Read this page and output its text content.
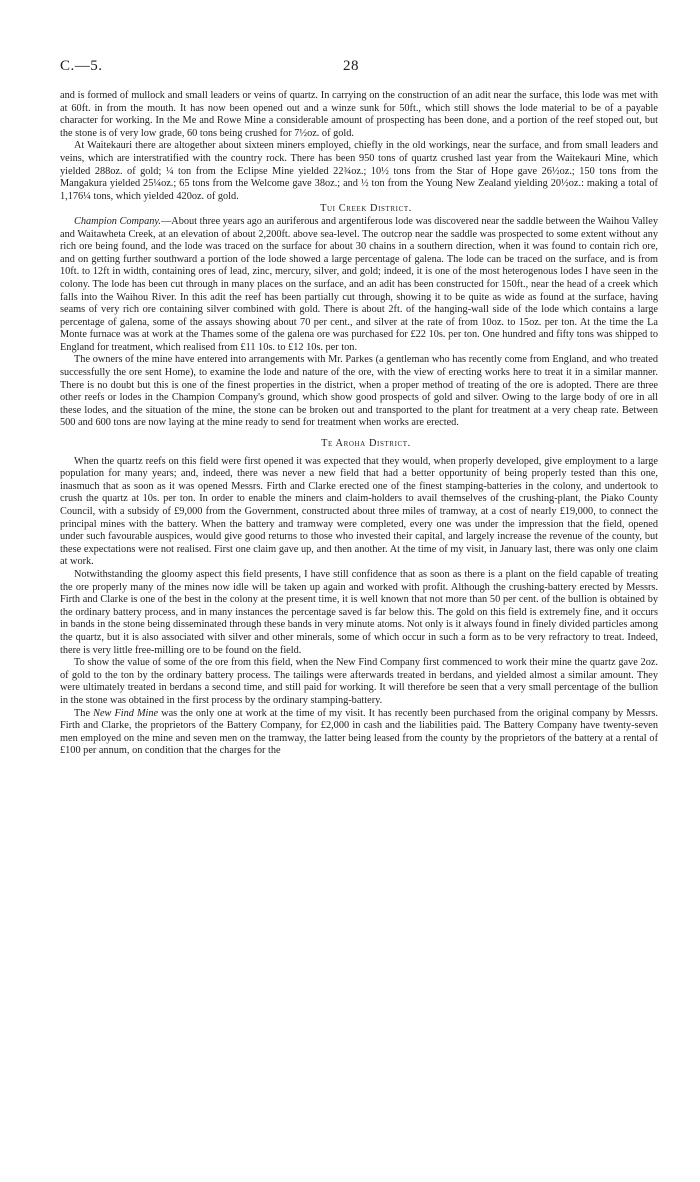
C.—5.	28

and is formed of mullock and small leaders or veins of quartz. In carrying on the construction of an adit near the surface, this lode was met with at 60ft. in from the mouth. It has now been opened out and a winze sunk for 50ft., which still shows the lode material to be of a payable character for working. In the Me and Rowe Mine a considerable amount of prospecting has been done, and a portion of the reef stoped out, but the stone is of very low grade, 60 tons being crushed for 7½oz. of gold.

At Waitekauri there are altogether about sixteen miners employed, chiefly in the old workings, near the surface, and from small leaders and veins, which are interstratified with the country rock. There has been 950 tons of quartz crushed last year from the Waitekauri Mine, which yielded 288oz. of gold; ¼ ton from the Eclipse Mine yielded 22¾oz.; 10½ tons from the Star of Hope gave 26½oz.; 150 tons from the Mangakura yielded 25¼oz.; 65 tons from the Welcome gave 38oz.; and ½ ton from the Young New Zealand yielding 20½oz.: making a total of 1,176¼ tons, which yielded 420oz. of gold.

Tui Creek District.

Champion Company.—About three years ago an auriferous and argentiferous lode was discovered near the saddle between the Waihou Valley and Waitawheta Creek, at an elevation of about 2,200ft. above sea-level. The outcrop near the saddle was prospected to some extent without any rich ore being found, and the lode was traced on the surface for about 30 chains in a southern direction, when it was found to contain rich ore, and on getting further southward a portion of the lode showed a large percentage of galena. The lode can be traced on the surface, and is from 10ft. to 12ft in width, containing ores of lead, zinc, mercury, silver, and gold; indeed, it is one of the most heterogenous lodes I have seen in the colony. The lode has been cut through in many places on the surface, and an adit has been constructed for 150ft., near the head of a creek which falls into the Waihou River. In this adit the reef has been partially cut through, showing it to be quite as wide as found at the surface, having seams of very rich ore containing silver combined with gold. There is about 2ft. of the hanging-wall side of the lode which contains a large percentage of galena, some of the assays showing about 70 per cent., and silver at the rate of from 10oz. to 15oz. per ton. At the time the La Monte furnace was at work at the Thames some of the galena ore was purchased for £22 10s. per ton. One hundred and fifty tons was shipped to England for treatment, which realised from £11 10s. to £12 10s. per ton.

The owners of the mine have entered into arrangements with Mr. Parkes (a gentleman who has recently come from England, and who treated successfully the ore sent Home), to examine the lode and nature of the ore, with the view of erecting works here to treat it in a similar manner. There is no doubt but this is one of the finest properties in the district, when a proper method of treating of the ore is adopted. There are three other reefs or lodes in the Champion Company's ground, which show good prospects of gold and silver. Owing to the large body of ore in all these lodes, and the situation of the mine, the stone can be broken out and transported to the plant for treatment at a very cheap rate. Between 500 and 600 tons are now laying at the mine ready to send for treatment when works are erected.

Te Aroha District.

When the quartz reefs on this field were first opened it was expected that they would, when properly developed, give employment to a large population for many years; and, indeed, there was never a new field that had a better opportunity of being properly tested than this one, inasmuch that as soon as it was opened Messrs. Firth and Clarke erected one of the finest stamping-batteries in the colony, and undertook to crush the quartz at 10s. per ton. In order to enable the miners and claim-holders to avail themselves of the crushing-plant, the Piako County Council, with a subsidy of £9,000 from the Government, constructed about three miles of tramway, at a cost of nearly £19,000, to connect the principal mines with the battery. When the battery and tramway were completed, every one was under the impression that the field, opened under such favourable auspices, would give good returns to those who invested their capital, and largely increase the revenue of the county, but these expectations were not realised. First one claim gave up, and then another. At the time of my visit, in January last, there was only one claim at work.

Notwithstanding the gloomy aspect this field presents, I have still confidence that as soon as there is a plant on the field capable of treating the ore properly many of the mines now idle will be taken up again and worked with profit. Although the crushing-battery erected by Messrs. Firth and Clarke is one of the best in the colony at the present time, it is well known that not more than 50 per cent. of the bullion is obtained by the ordinary battery process, and in many instances the percentage saved is far below this. The gold on this field is extremely fine, and it occurs in bands in the stone being disseminated through these bands in very minute atoms. Not only is it always found in finely divided particles among the quartz, but it is also associated with silver and other minerals, some of which occur in such a form as to be very refractory to treat. Indeed, there is very little free-milling ore to be found on the field.

To show the value of some of the ore from this field, when the New Find Company first commenced to work their mine the quartz gave 2oz. of gold to the ton by the ordinary battery process. The tailings were afterwards treated in berdans, and yielded almost a similar amount. They were ultimately treated in berdans a second time, and still paid for working. It will therefore be seen that a very small percentage of the bullion in the stone was obtained in the first process by the ordinary stamping-battery.

The New Find Mine was the only one at work at the time of my visit. It has recently been purchased from the original company by Messrs. Firth and Clarke, the proprietors of the Battery Company, for £2,000 in cash and the liabilities paid. The Battery Company have twenty-seven men employed on the mine and seven men on the tramway, the latter being leased from the county by the proprietors of the battery at a rental of £100 per annum, on condition that the charges for the
